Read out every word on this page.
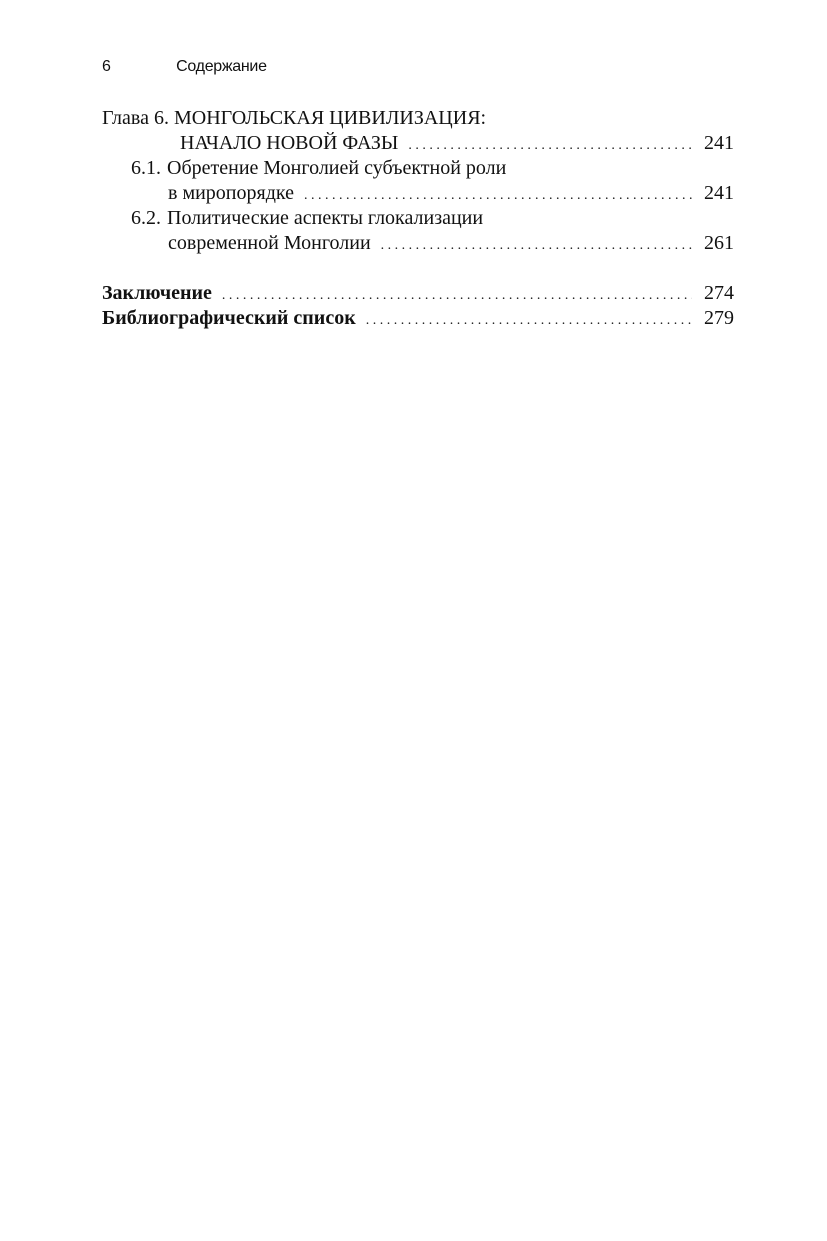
6	Содержание
Глава 6. МОНГОЛЬСКАЯ ЦИВИЛИЗАЦИЯ:
НАЧАЛО НОВОЙ ФАЗЫ . . .	241
6.1. Обретение Монголией субъектной роли
в миропорядке . . .	241
6.2. Политические аспекты глокализации
современной Монголии . . .	261
Заключение . . .	274
Библиографический список . . .	279
